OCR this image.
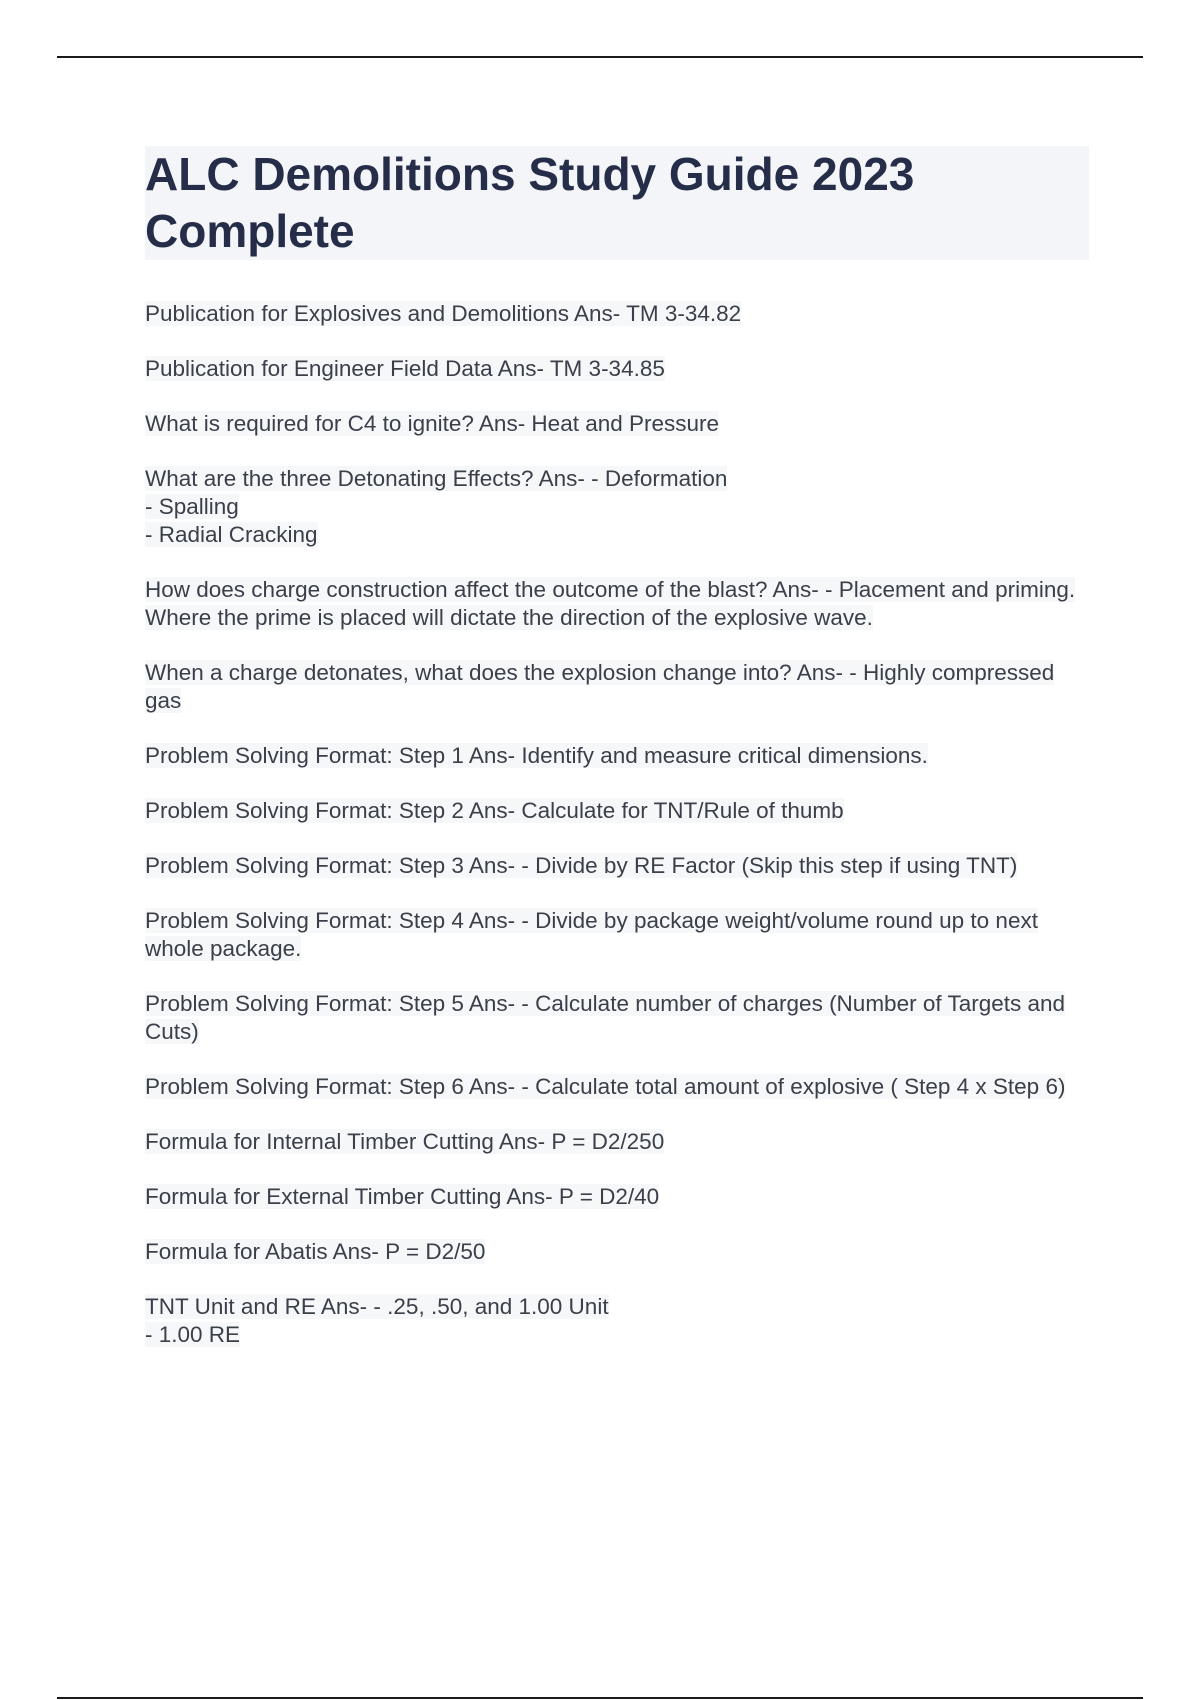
ALC Demolitions Study Guide 2023 Complete
Publication for Explosives and Demolitions Ans- TM 3-34.82
Publication for Engineer Field Data Ans- TM 3-34.85
What is required for C4 to ignite? Ans- Heat and Pressure
What are the three Detonating Effects? Ans- - Deformation
- Spalling
- Radial Cracking
How does charge construction affect the outcome of the blast? Ans- - Placement and priming. Where the prime is placed will dictate the direction of the explosive wave.
When a charge detonates, what does the explosion change into? Ans- - Highly compressed gas
Problem Solving Format: Step 1 Ans- Identify and measure critical dimensions.
Problem Solving Format: Step 2 Ans- Calculate for TNT/Rule of thumb
Problem Solving Format: Step 3 Ans- - Divide by RE Factor (Skip this step if using TNT)
Problem Solving Format: Step 4 Ans- - Divide by package weight/volume round up to next whole package.
Problem Solving Format: Step 5 Ans- - Calculate number of charges (Number of Targets and Cuts)
Problem Solving Format: Step 6 Ans- - Calculate total amount of explosive ( Step 4 x Step 6)
Formula for Internal Timber Cutting Ans- P = D2/250
Formula for External Timber Cutting Ans- P = D2/40
Formula for Abatis Ans- P = D2/50
TNT Unit and RE Ans- - .25, .50, and 1.00 Unit
- 1.00 RE
